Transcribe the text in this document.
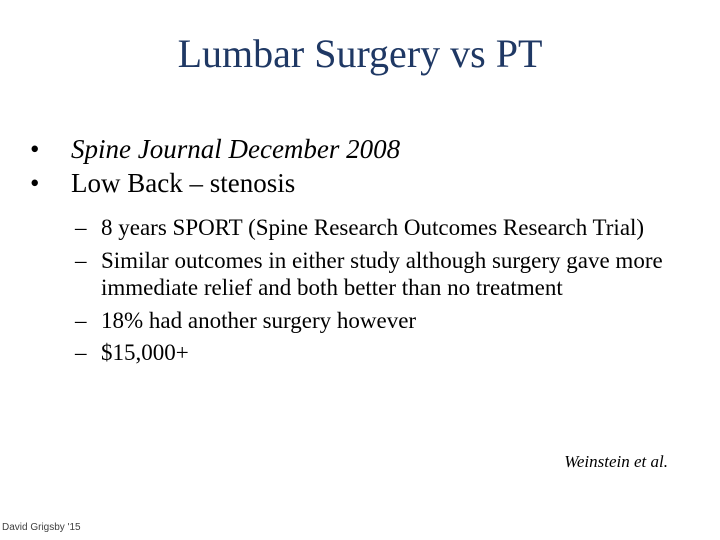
Lumbar Surgery vs PT
•	Spine Journal December 2008
•	Low Back – stenosis
– 8 years SPORT (Spine Research Outcomes Research Trial)
– Similar outcomes in either study although surgery gave more immediate relief and both better than no treatment
– 18% had another surgery however
– $15,000+
Weinstein et al.
David Grigsby '15
